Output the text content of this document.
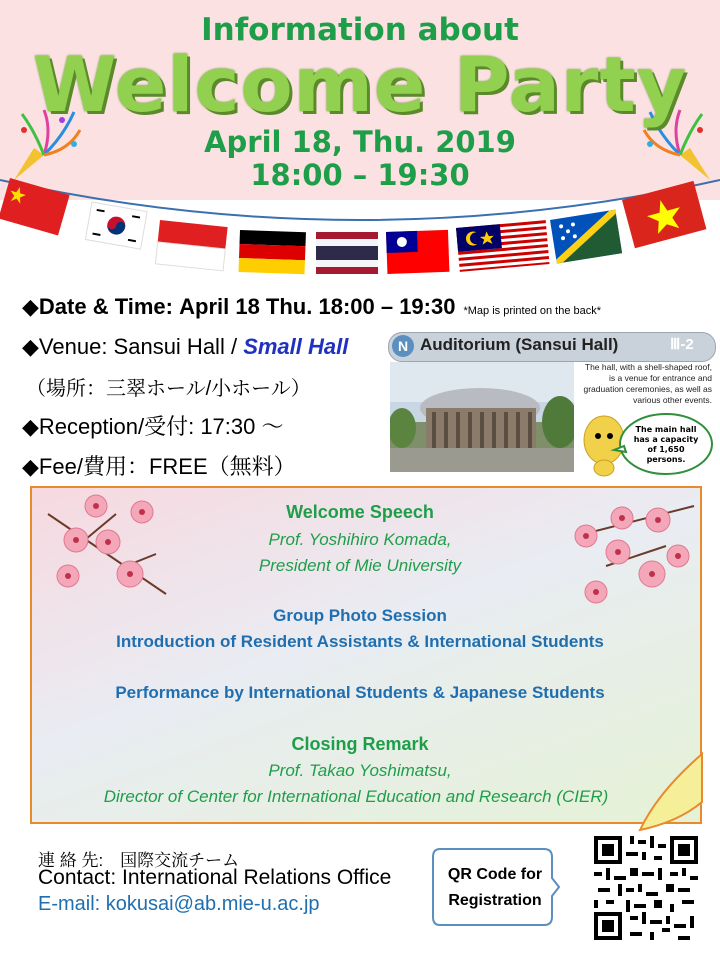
Information about
Welcome Party
April 18, Thu. 2019
18:00 – 19:30
◆Date & Time: April 18 Thu. 18:00 – 19:30 *Map is printed on the back*
◆Venue: Sansui Hall / Small Hall
（場所：三翠ホール/小ホール）
◆Reception/受付: 17:30 〜
◆Fee/費用：FREE（無料）
N Auditorium (Sansui Hall)	Ⅲ-2
The hall, with a shell-shaped roof, is a venue for entrance and graduation ceremonies, as well as various other events.
The main hall
has a capacity
of 1,650
persons.
Welcome Speech
Prof. Yoshihiro Komada,
President of Mie University
Group Photo Session
Introduction of Resident Assistants & International Students
Performance by International Students & Japanese Students
Closing Remark
Prof. Takao Yoshimatsu,
Director of Center for International Education and Research (CIER)
連 絡 先:　国際交流チーム
Contact: International Relations Office
E-mail: kokusai@ab.mie-u.ac.jp
QR Code for
Registration
